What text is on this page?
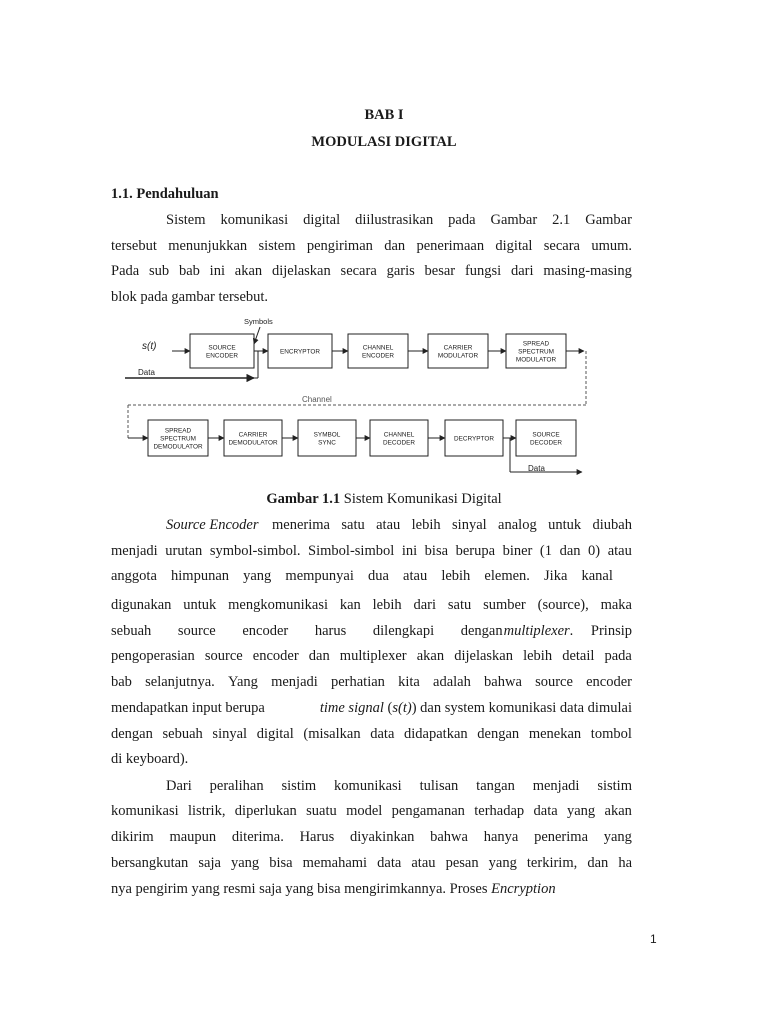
BAB I
MODULASI DIGITAL
1.1. Pendahuluan
Sistem komunikasi digital diilustrasikan pada Gambar 2.1 Gambar
tersebut menunjukkan sistem pengiriman dan penerimaan digital secara umum.
Pada sub bab ini akan dijelaskan secara garis besar fungsi dari masing-masing
blok pada gambar tersebut.
s(t)
Data
Symbols
Channel
Data
SOURCE
ENCODER
ENCRYPTOR
CHANNEL
ENCODER
CARRIER
MODULATOR
SPREAD
SPECTRUM
MODULATOR
SPREAD
SPECTRUM
DEMODULATOR
CARRIER
DEMODULATOR
SYMBOL
SYNC
CHANNEL
DECODER
DECRYPTOR
SOURCE
DECODER
Gambar 1.1 Sistem Komunikasi Digital
Source Encoder menerima satu atau lebih sinyal analog untuk diubah
menjadi urutan symbol-simbol. Simbol-simbol ini bisa berupa biner (1 dan 0) atau
anggota himpunan yang mempunyai dua atau lebih elemen. Jika kanal
digunakan untuk mengkomunikasi kan lebih dari satu sumber (source), maka
sebuah source encoder harus dilengkapi dengan multiplexer. Prinsip
pengoperasian source encoder dan multiplexer akan dijelaskan lebih detail pada
bab selanjutnya. Yang menjadi perhatian kita adalah bahwa source encoder
mendapatkan input berupa	time signal (s(t)) dan system komunikasi data dimulai
dengan sebuah sinyal digital (misalkan data didapatkan dengan menekan tombol
di keyboard).
Dari peralihan sistim komunikasi tulisan tangan menjadi sistim
komunikasi listrik, diperlukan suatu model pengamanan terhadap data yang akan
dikirim maupun diterima. Harus diyakinkan bahwa hanya penerima yang
bersangkutan saja yang bisa memahami data atau pesan yang terkirim, dan ha
nya pengirim yang resmi saja yang bisa mengirimkannya. Proses Encryption
1
